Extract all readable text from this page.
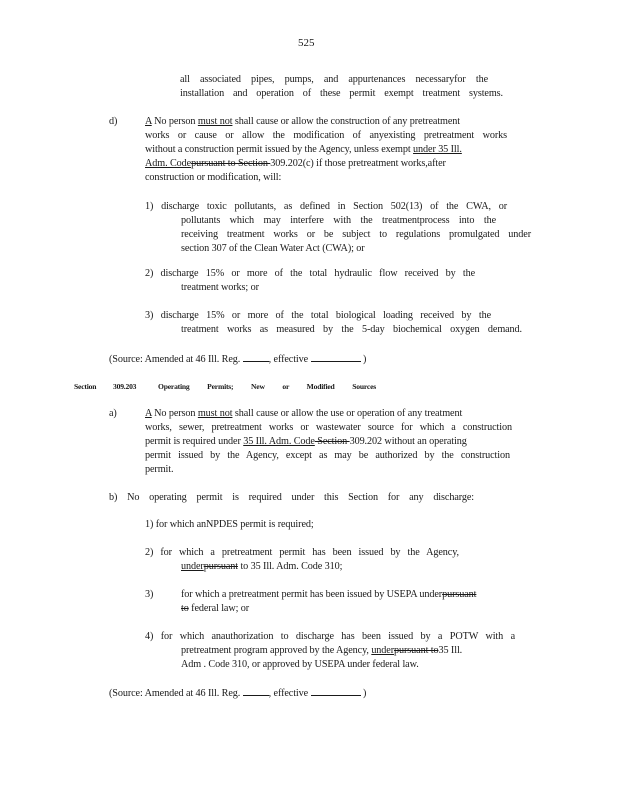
525

all associated pipes, pumps, and appurtenances necessaryfor the

installation and operation of these permit exempt treatment systems.

d)	A No person must not shall cause or allow the construction of any pretreatment

works or cause or allow the modification of anyexisting pretreatment works

without a construction permit issued by the Agency, unless exempt under 35 Ill.

Adm. Codepursuant to Section 309.202(c) if those pretreatment works,after

construction or modification, will:

1) discharge toxic pollutants, as defined in Section 502(13) of the CWA, or

pollutants which may interfere with the treatmentprocess into the

receiving treatment works or be subject to regulations promulgated under

section 307 of the Clean Water Act (CWA); or

2) discharge 15% or more of the total hydraulic flow received by the

treatment works; or

3) discharge 15% or more of the total biological loading received by the

treatment works as measured by the 5-day biochemical oxygen demand.

(Source: Amended at 46 Ill. Reg.	, effective	)

Section 309.203	Operating Permits; New or Modified Sources

a)	A No person must not shall cause or allow the use or operation of any treatment

works, sewer, pretreatment works or wastewater source for which a construction

permit is required under 35 Ill. Adm. Code Section 309.202 without an operating

permit issued by the Agency, except as may be authorized by the construction

permit.

b) No operating permit is required under this Section for any discharge:

1) for which anNPDES permit is required;

2) for which a pretreatment permit has been issued by the Agency,

underpursuant to 35 Ill. Adm. Code 310;

3)	for which a pretreatment permit has been issued by USEPA underpursuant

to federal law; or

4) for which anauthorization to discharge has been issued by a POTW with a

pretreatment program approved by the Agency, underpursuant to35 Ill.

Adm . Code 310, or approved by USEPA under federal law.

(Source: Amended at 46 Ill. Reg.	, effective	)
